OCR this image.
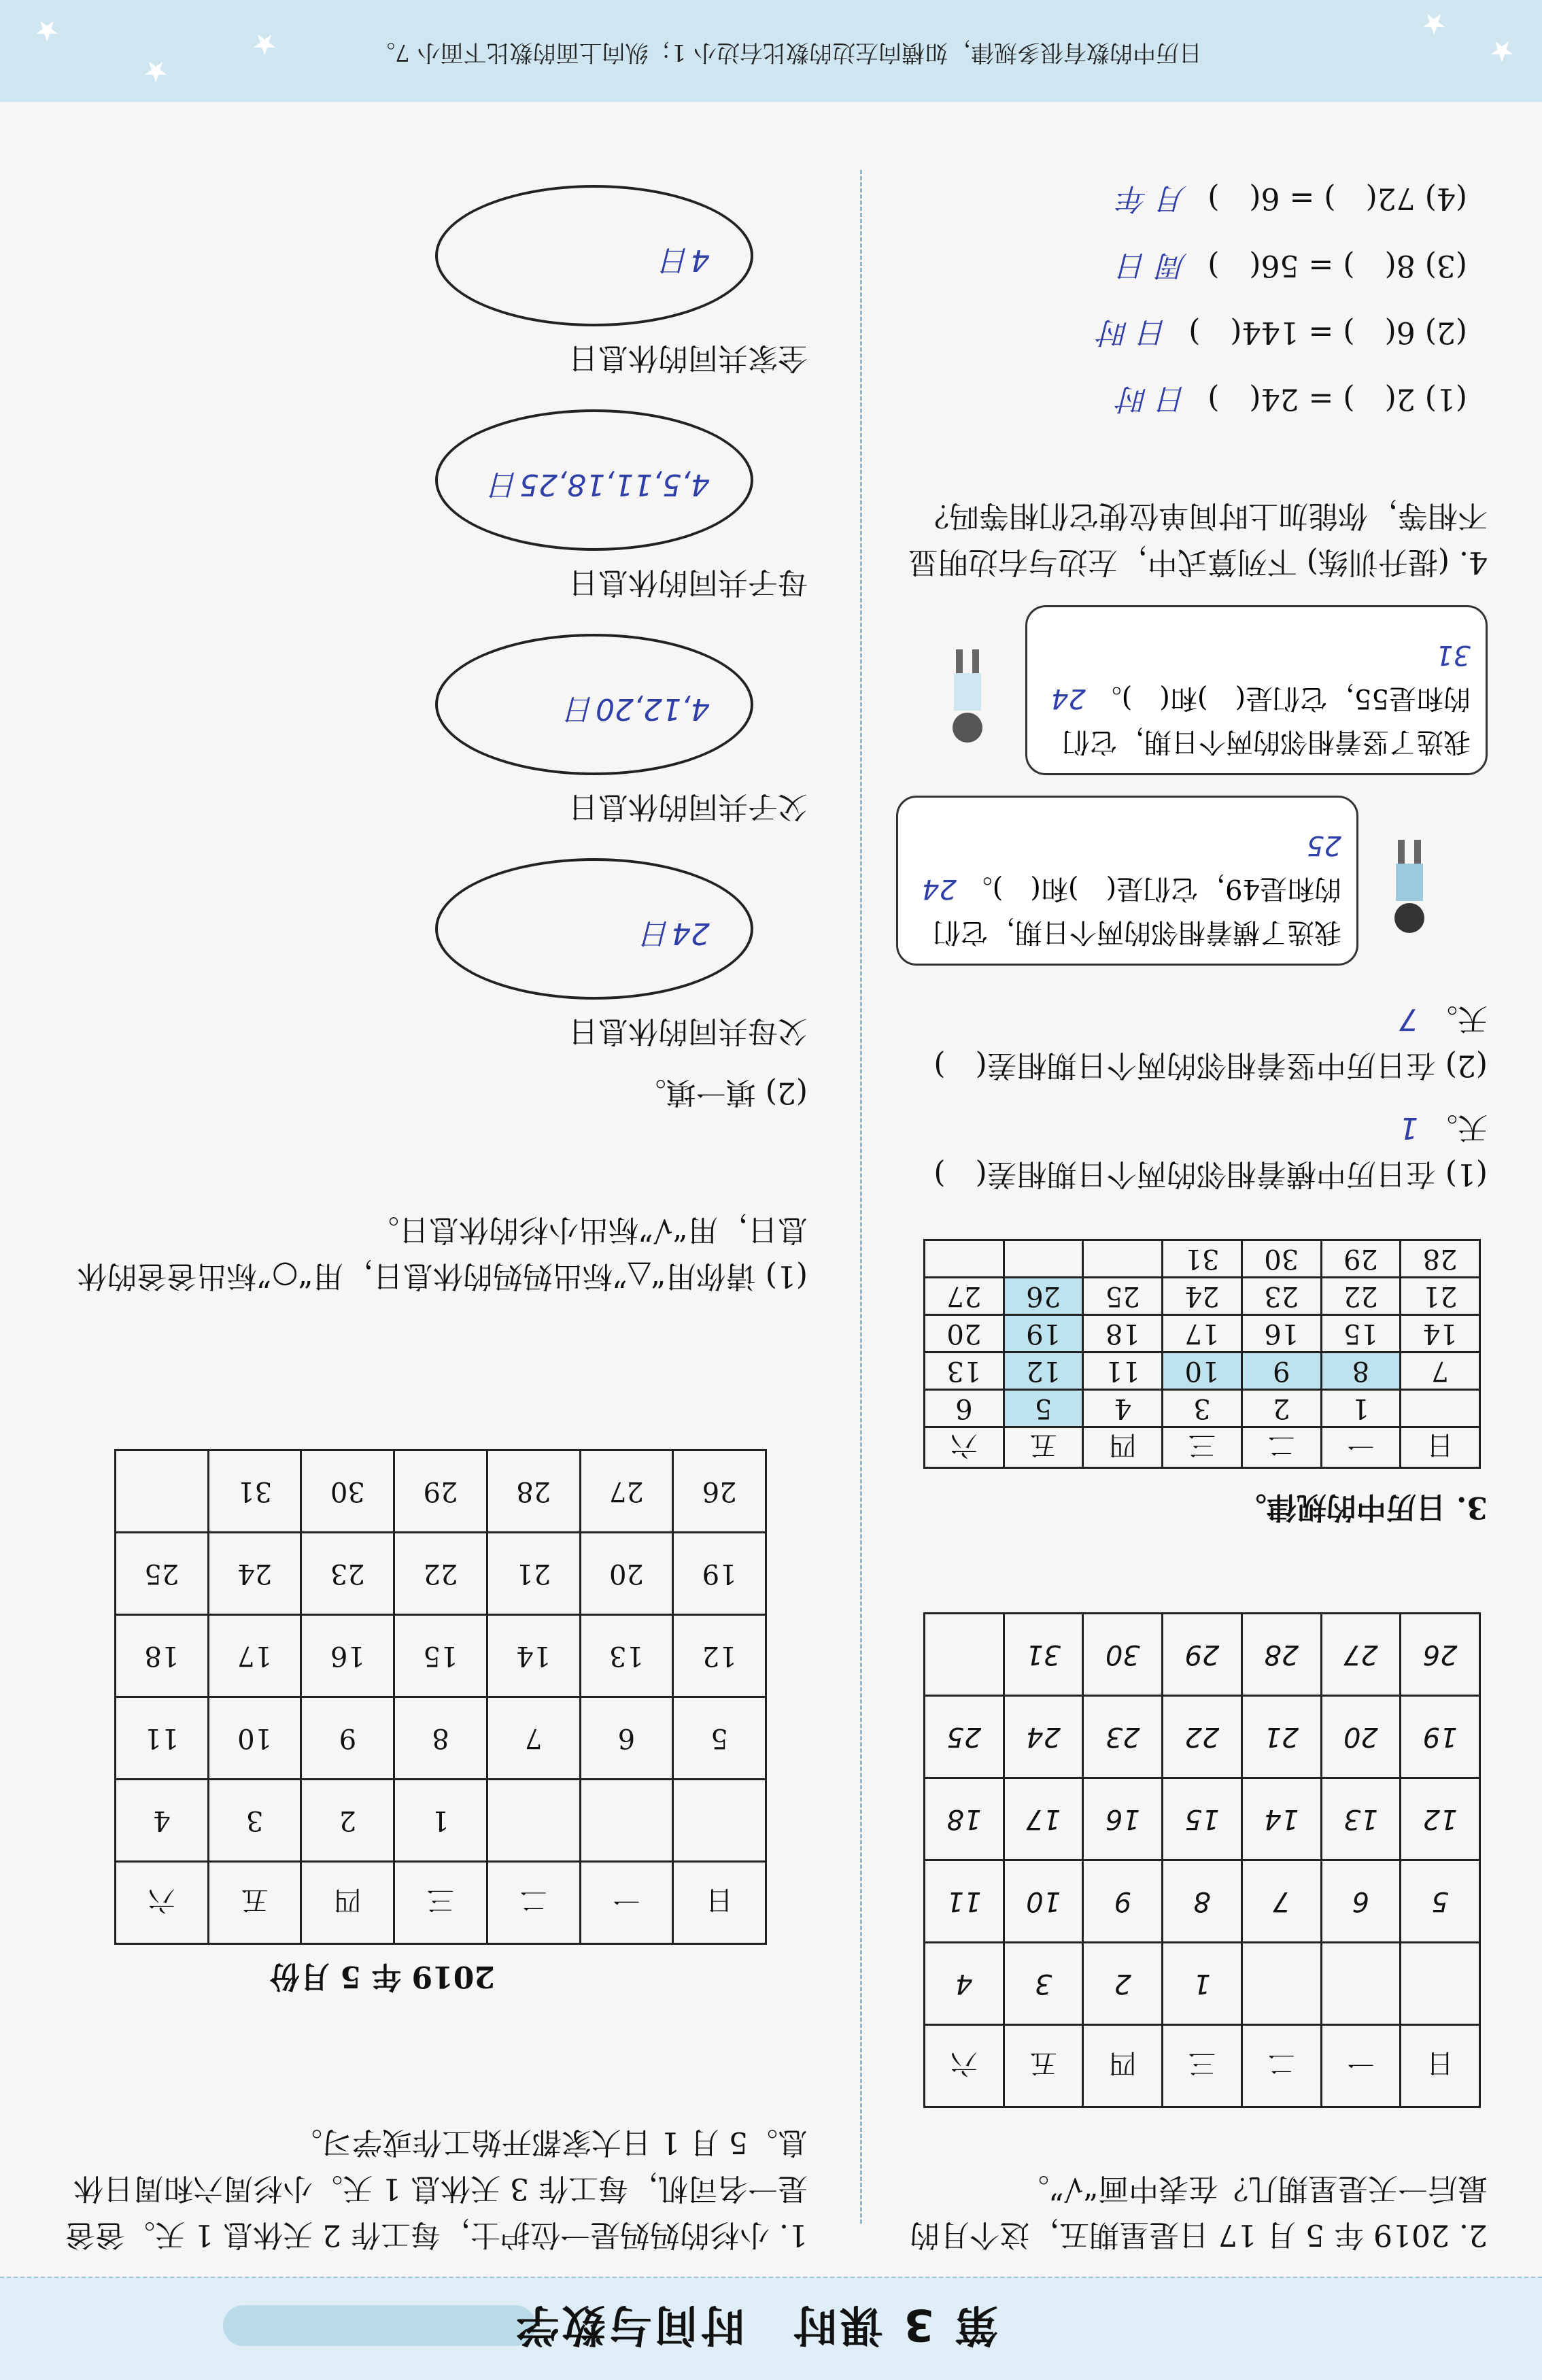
第 3 课时　时间与数学
2. 2019 年 5 月 17 日是星期五，这个月的最后一天是星期几？在表中画“√”。
日	一	二	三	四	五	六
			1	2	3	4
5	6	7	8	9	10	11
12	13	14	15	16	17	18
19	20	21	22	23	24	25
26	27	28	29	30	31	
3. 日历中的规律。
日	一	二	三	四	五	六
	1	2	3	4	5	6
7	8	9	10	11	12	13
14	15	16	17	18	19	20
21	22	23	24	25	26	27
28	29	30	31			
(1) 在日历中横着相邻的两个日期相差(　)天。 1
(2) 在日历中竖着相邻的两个日期相差(　)天。 7
我选了横着相邻的两个日期，它们的和是49，它们是(　)和(　)。 24 25
我选了竖着相邻的两个日期，它们的和是55，它们是(　)和(　)。 24 31
4. (提升训练) 下列算式中，左边与右边明显不相等，你能加上时间单位使它们相等吗？
(1) 2(　) = 24(　)日 时
(2) 6(　) = 144(　)日 时
(3) 8(　) = 56(　)周 日
(4) 72(　) = 6(　)月 年
1. 小杉的妈妈是一位护士，每工作 2 天休息 1 天。爸爸是一名司机，每工作 3 天休息 1 天。小杉周六和周日休息。5 月 1 日大家都开始工作或学习。
2019 年 5 月份
日	一	二	三	四	五	六
			1	2	3	4
5	6	7	8	9	10	11
12	13	14	15	16	17	18
19	20	21	22	23	24	25
26	27	28	29	30	31	
(1) 请你用“△”标出妈妈的休息日，用“○”标出爸爸的休息日，用“√”标出小杉的休息日。
(2) 填一填。
父母共同的休息日
24日
父子共同的休息日
4,12,20日
母子共同的休息日
4,5,11,18,25日
全家共同的休息日
4日
★
★
★
★
★
日历中的数有很多规律，如横向左边的数比右边小 1；纵向上面的数比下面小 7。
